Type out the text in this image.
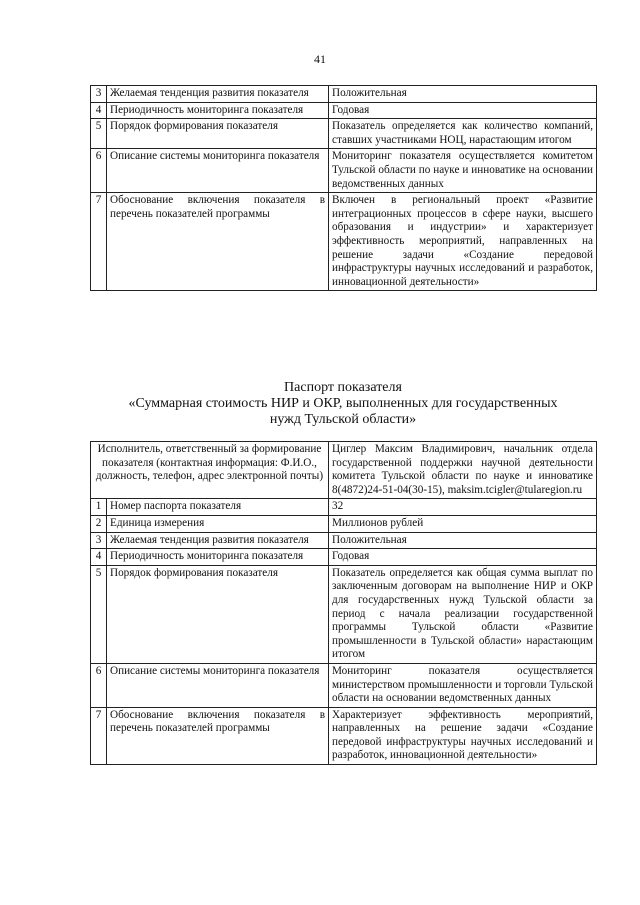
41
3	Желаемая тенденция развития показателя	Положительная
4	Периодичность мониторинга показателя	Годовая
5	Порядок формирования показателя	Показатель определяется как количество компаний, ставших участниками НОЦ, нарастающим итогом
6	Описание системы мониторинга показателя	Мониторинг показателя осуществляется комитетом Тульской области по науке и инноватике на основании ведомственных данных
7	Обоснование включения показателя в перечень показателей программы	Включен в региональный проект «Развитие интеграционных процессов в сфере науки, высшего образования и индустрии» и характеризует эффективность мероприятий, направленных на решение задачи «Создание передовой инфраструктуры научных исследований и разработок, инновационной деятельности»
Паспорт показателя
«Суммарная стоимость НИР и ОКР, выполненных для государственных
нужд Тульской области»
Исполнитель, ответственный за формирование показателя (контактная информация: Ф.И.О., должность, телефон, адрес электронной почты)		Циглер Максим Владимирович, начальник отдела государственной поддержки научной деятельности комитета Тульской области по науке и инноватике 8(4872)24-51-04(30-15), maksim.tcigler@tularegion.ru
1	Номер паспорта показателя	32
2	Единица измерения	Миллионов рублей
3	Желаемая тенденция развития показателя	Положительная
4	Периодичность мониторинга показателя	Годовая
5	Порядок формирования показателя	Показатель определяется как общая сумма выплат по заключенным договорам на выполнение НИР и ОКР для государственных нужд Тульской области за период с начала реализации государственной программы Тульской области «Развитие промышленности в Тульской области» нарастающим итогом
6	Описание системы мониторинга показателя	Мониторинг показателя осуществляется министерством промышленности и торговли Тульской области на основании ведомственных данных
7	Обоснование включения показателя в перечень показателей программы	Характеризует эффективность мероприятий, направленных на решение задачи «Создание передовой инфраструктуры научных исследований и разработок, инновационной деятельности»
